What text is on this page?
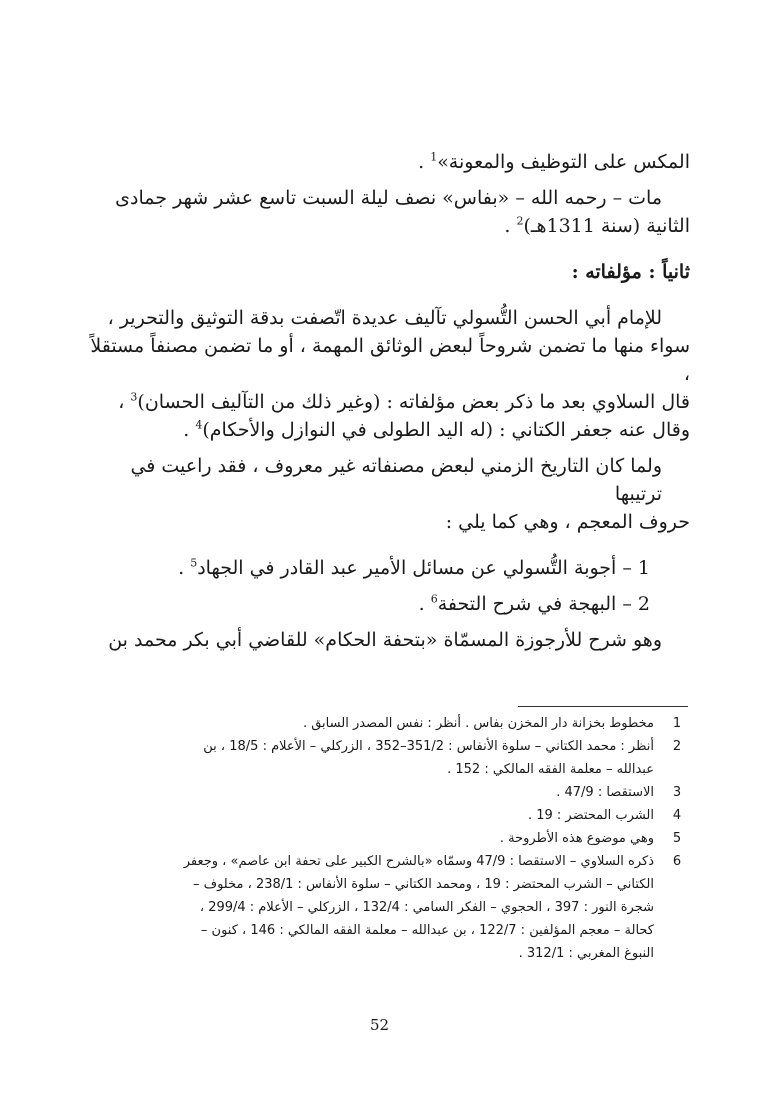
المكس على التوظيف والمعونة»$^1$ .

مات – رحمه الله – «بفاس» نصف ليلة السبت تاسع عشر شهر جمادى

الثانية (سنة 1311هـ)$^2$ .

ثانياً : مؤلفاته :

للإمام أبي الحسن التُّسولي تآليف عديدة اتّصفت بدقة التوثيق والتحرير ،

سواء منها ما تضمن شروحاً لبعض الوثائق المهمة ، أو ما تضمن مصنفاً مستقلاً ،

قال السلاوي بعد ما ذكر بعض مؤلفاته : (وغير ذلك من التآليف الحسان)$^3$ ،

وقال عنه جعفر الكتاني : (له اليد الطولى في النوازل والأحكام)$^4$ .

ولما كان التاريخ الزمني لبعض مصنفاته غير معروف ، فقد راعيت في ترتيبها

حروف المعجم ، وهي كما يلي :

1 – أجوبة التُّسولي عن مسائل الأمير عبد القادر في الجهاد$^5$ .

2 – البهجة في شرح التحفة$^6$ .

وهو شرح للأرجوزة المسمّاة «بتحفة الحكام» للقاضي أبي بكر محمد بن

1
مخطوط بخزانة دار المخزن بفاس . أنظر : نفس المصدر السابق .
2
أنظر : محمد الكتاني – سلوة الأنفاس : 351/2–352 ، الزركلي – الأعلام : 18/5 ، بن
عبدالله – معلمة الفقه المالكي : 152 .
3
الاستقصا : 47/9 .
4
الشرب المحتضر : 19 .
5
وهي موضوع هذه الأطروحة .
6
ذكره السلاوي – الاستقصا : 47/9 وسمّاه «بالشرح الكبير على تحفة ابن عاصم» ، وجعفر
الكتاني – الشرب المحتضر : 19 ، ومحمد الكتاني – سلوة الأنفاس : 238/1 ، مخلوف –
شجرة النور : 397 ، الحجوي – الفكر السامي : 132/4 ، الزركلي – الأعلام : 299/4 ،
كحالة – معجم المؤلفين : 122/7 ، بن عبدالله – معلمة الفقه المالكي : 146 ، كنون –
النبوغ المغربي : 312/1 .
52
